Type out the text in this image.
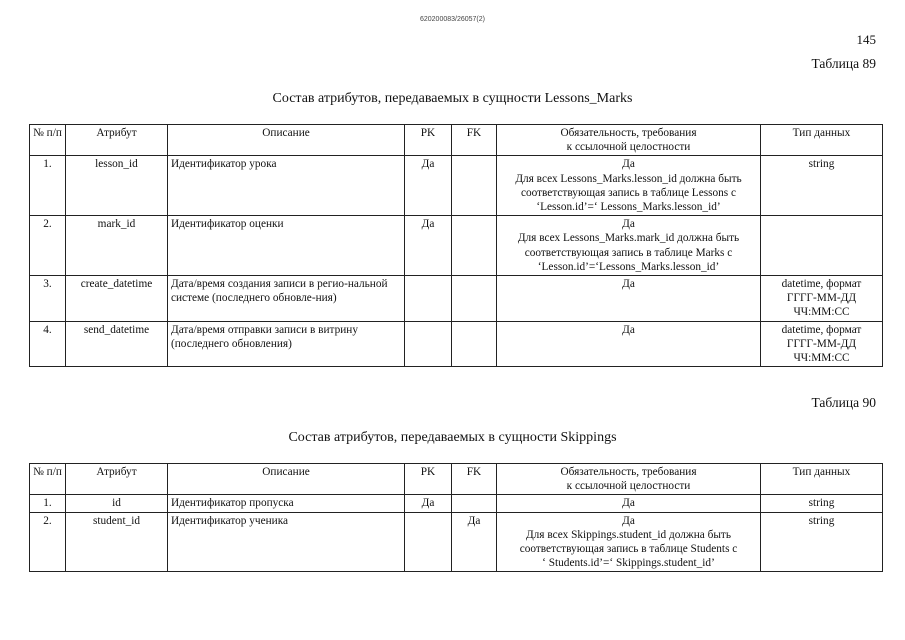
620200083/26057(2)
145
Таблица 89
Состав атрибутов, передаваемых в сущности Lessons_Marks
№ п/п	Атрибут	Описание	PK	FK	Обязательность, требования
к ссылочной целостности	Тип данных
1.	lesson_id	Идентификатор урока	Да		Да
Для всех Lessons_Marks.lesson_id должна быть
соответствующая запись в таблице Lessons с
‘Lesson.id’=‘ Lessons_Marks.lesson_id’	string

2.	mark_id	Идентификатор оценки	Да		Да
Для всех Lessons_Marks.mark_id должна быть
соответствующая запись в таблице Marks с
‘Lesson.id’=‘Lessons_Marks.lesson_id’	

3.	create_datetime	Дата/время создания записи в регио-нальной системе (последнего обновле-ния)			Да	datetime, формат
ГГГГ-ММ-ДД
ЧЧ:ММ:СС

4.	send_datetime	Дата/время отправки записи в витрину (последнего обновления)			Да	datetime, формат
ГГГГ-ММ-ДД
ЧЧ:ММ:СС
Таблица 90
Состав атрибутов, передаваемых в сущности Skippings
№ п/п	Атрибут	Описание	PK	FK	Обязательность, требования
к ссылочной целостности	Тип данных
1.	id	Идентификатор пропуска	Да		Да	string

2.	student_id	Идентификатор ученика		Да	Да
Для всех Skippings.student_id должна быть
соответствующая запись в таблице Students с
‘ Students.id’=‘ Skippings.student_id’	string
